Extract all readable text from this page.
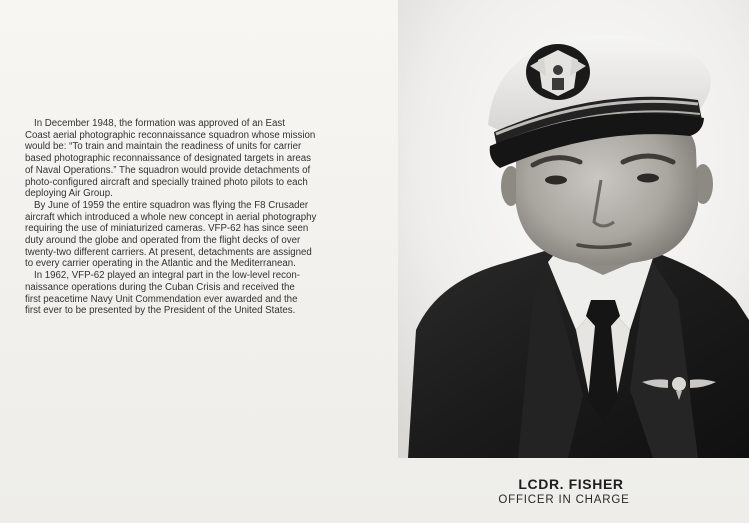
In December 1948, the formation was approved of an East
Coast aerial photographic reconnaissance squadron whose mission
would be: “To train and maintain the readiness of units for carrier
based photographic reconnaissance of designated targets in areas
of Naval Operations.” The squadron would provide detachments of
photo-configured aircraft and specially trained photo pilots to each
deploying Air Group.
By June of 1959 the entire squadron was flying the F8 Crusader
aircraft which introduced a whole new concept in aerial photography
requiring the use of miniaturized cameras. VFP-62 has since seen
duty around the globe and operated from the flight decks of over
twenty-two different carriers. At present, detachments are assigned
to every carrier operating in the Atlantic and the Mediterranean.
In 1962, VFP-62 played an integral part in the low-level recon-
naissance operations during the Cuban Crisis and received the
first peacetime Navy Unit Commendation ever awarded and the
first ever to be presented by the President of the United States.
LCDR. FISHER
OFFICER IN CHARGE
